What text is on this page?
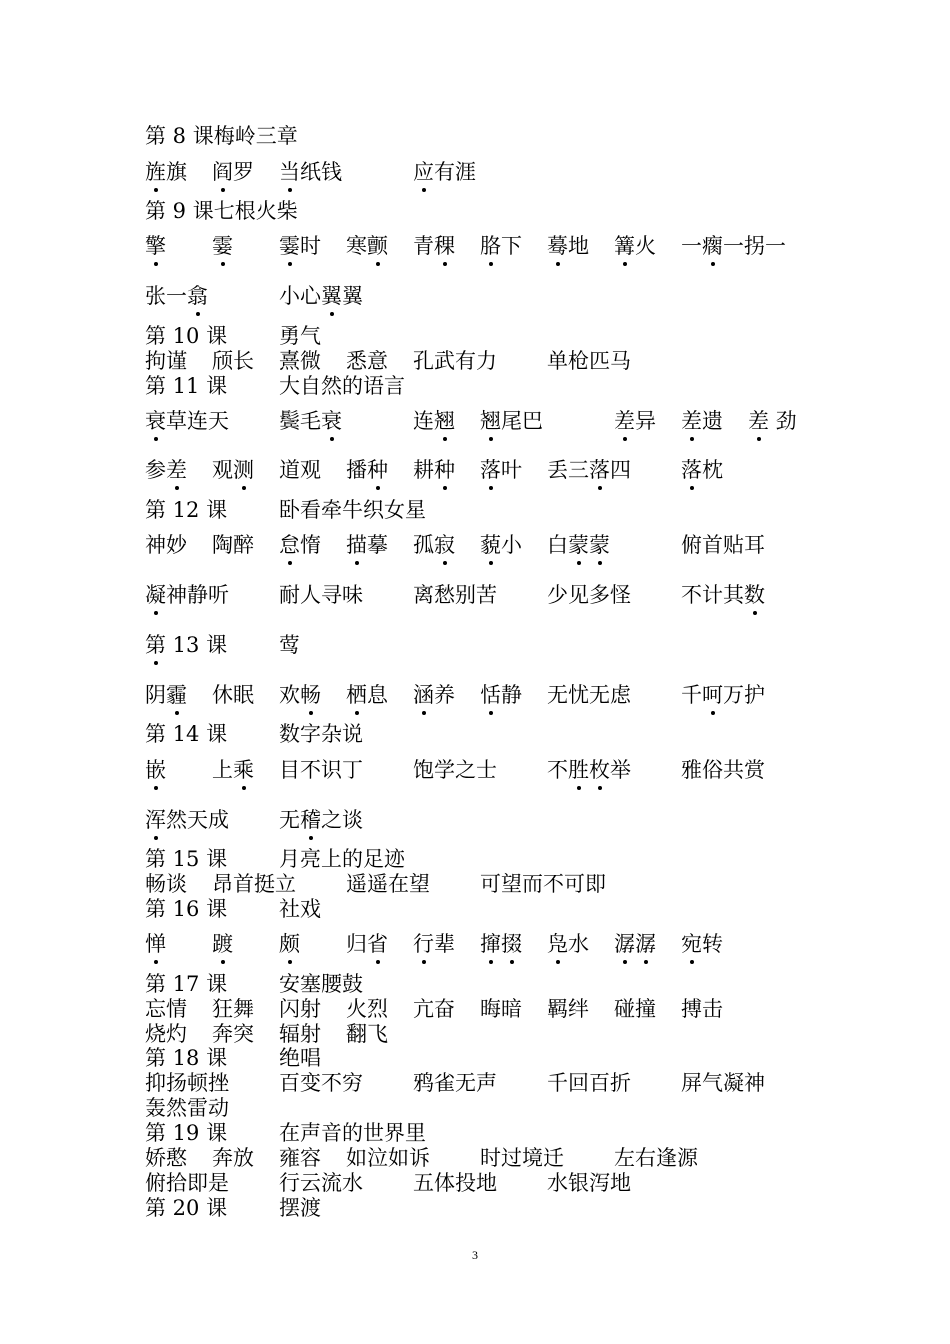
第 8 课梅岭三章
旌旗 阎罗 当纸钱	应有涯
第 9 课七根火柴
擎 霎 霎时 寒颤 青稞 胳下 蓦地 篝火 一瘸一拐一
张一翕	小心翼翼
第 10 课 勇气
拘谨 颀长 熹微 悉意 孔武有力 单枪匹马
第 11 课 大自然的语言
衰草连天 鬓毛衰	连翘 翘尾巴	差异 差遗 差 劲
参差 观测 道观 播种 耕种 落叶 丢三落四 落枕
第 12 课 卧看牵牛织女星
神妙 陶醉 怠惰 描摹 孤寂 藐小 白蒙蒙	俯首贴耳
凝神静听 耐人寻味 离愁别苦 少见多怪 不计其数
第 13 课 莺
阴霾 休眠 欢畅 栖息 涵养 恬静 无忧无虑 千呵万护
第 14 课 数字杂说
嵌 上乘 目不识丁 饱学之士 不胜枚举 雅俗共赏
浑然天成 无稽之谈
第 15 课 月亮上的足迹
畅谈 昂首挺立 遥遥在望 可望而不可即
第 16 课 社戏
惮 踱 颇 归省 行辈 撺掇 凫水 潺潺 宛转
第 17 课 安塞腰鼓
忘情 狂舞 闪射 火烈 亢奋 晦暗 羁绊 碰撞 搏击
烧灼 奔突 辐射 翻飞
第 18 课 绝唱
抑扬顿挫 百变不穷 鸦雀无声 千回百折 屏气凝神
轰然雷动
第 19 课 在声音的世界里
娇憨 奔放 雍容 如泣如诉 时过境迁 左右逢源
俯拾即是 行云流水 五体投地 水银泻地
第 20 课 摆渡
3
